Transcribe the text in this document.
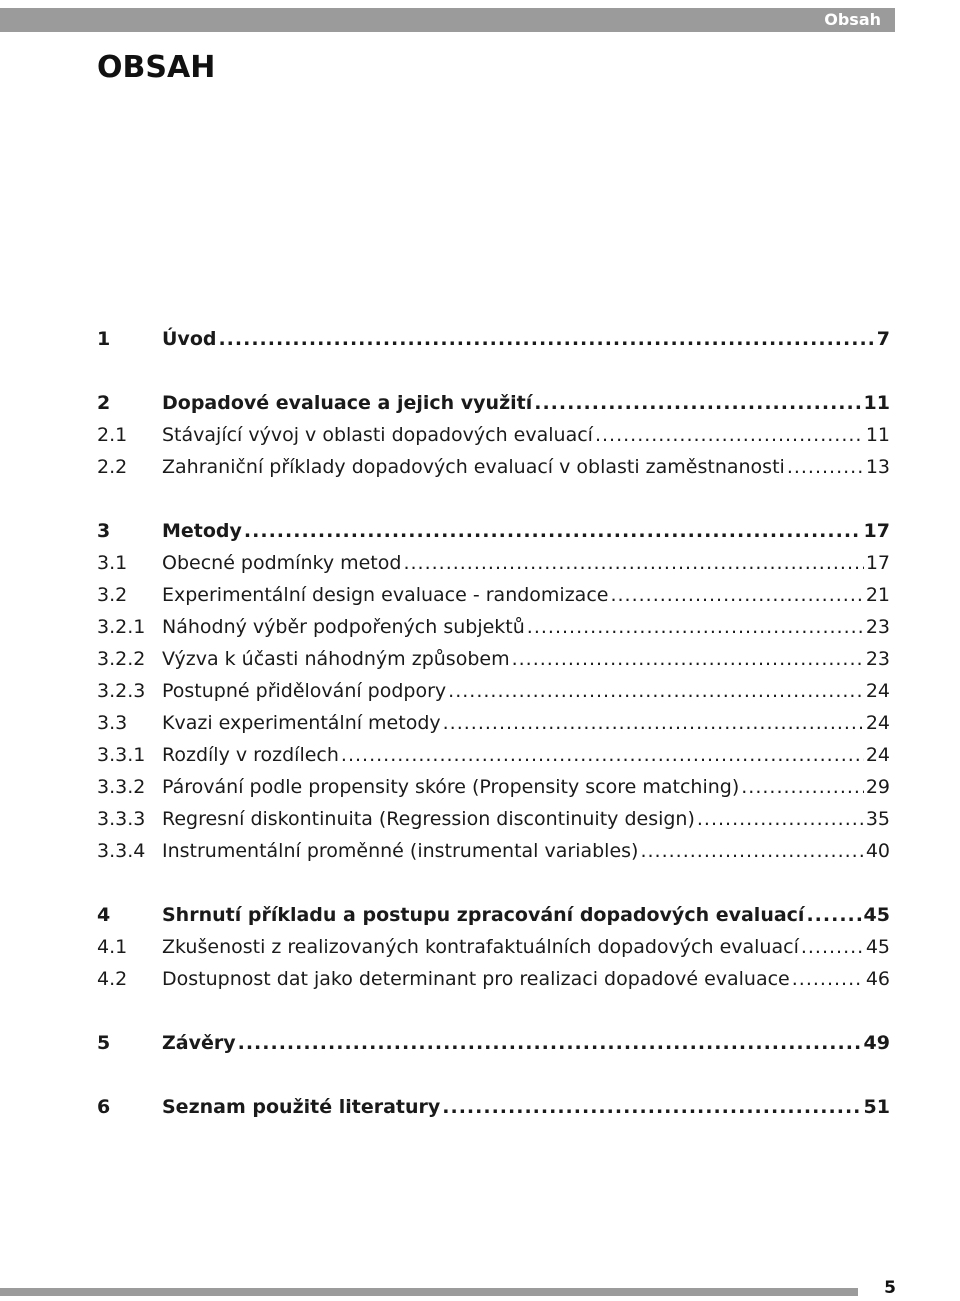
Obsah
OBSAH
1	Úvod .....	7
2	Dopadové evaluace a jejich využití .....	11
2.1	Stávající vývoj v oblasti dopadových evaluací .....	11
2.2	Zahraniční příklady dopadových evaluací v oblasti zaměstnanosti .....	13
3	Metody .....	17
3.1	Obecné podmínky metod .....	17
3.2	Experimentální design evaluace - randomizace .....	21
3.2.1 Náhodný výběr podpořených subjektů .....	23
3.2.2 Výzva k účasti náhodným způsobem .....	23
3.2.3 Postupné přidělování podpory .....	24
3.3	Kvazi experimentální metody .....	24
3.3.1 Rozdíly v rozdílech .....	24
3.3.2 Párování podle propensity skóre (Propensity score matching) .....	29
3.3.3 Regresní diskontinuita (Regression discontinuity design) .....	35
3.3.4 Instrumentální proměnné (instrumental variables) .....	40
4	Shrnutí příkladu a postupu zpracování dopadových evaluací .....	45
4.1	Zkušenosti z realizovaných kontrafaktuálních dopadových evaluací .....	45
4.2	Dostupnost dat jako determinant pro realizaci dopadové evaluace .....	46
5	Závěry .....	49
6	Seznam použité literatury .....	51
5
